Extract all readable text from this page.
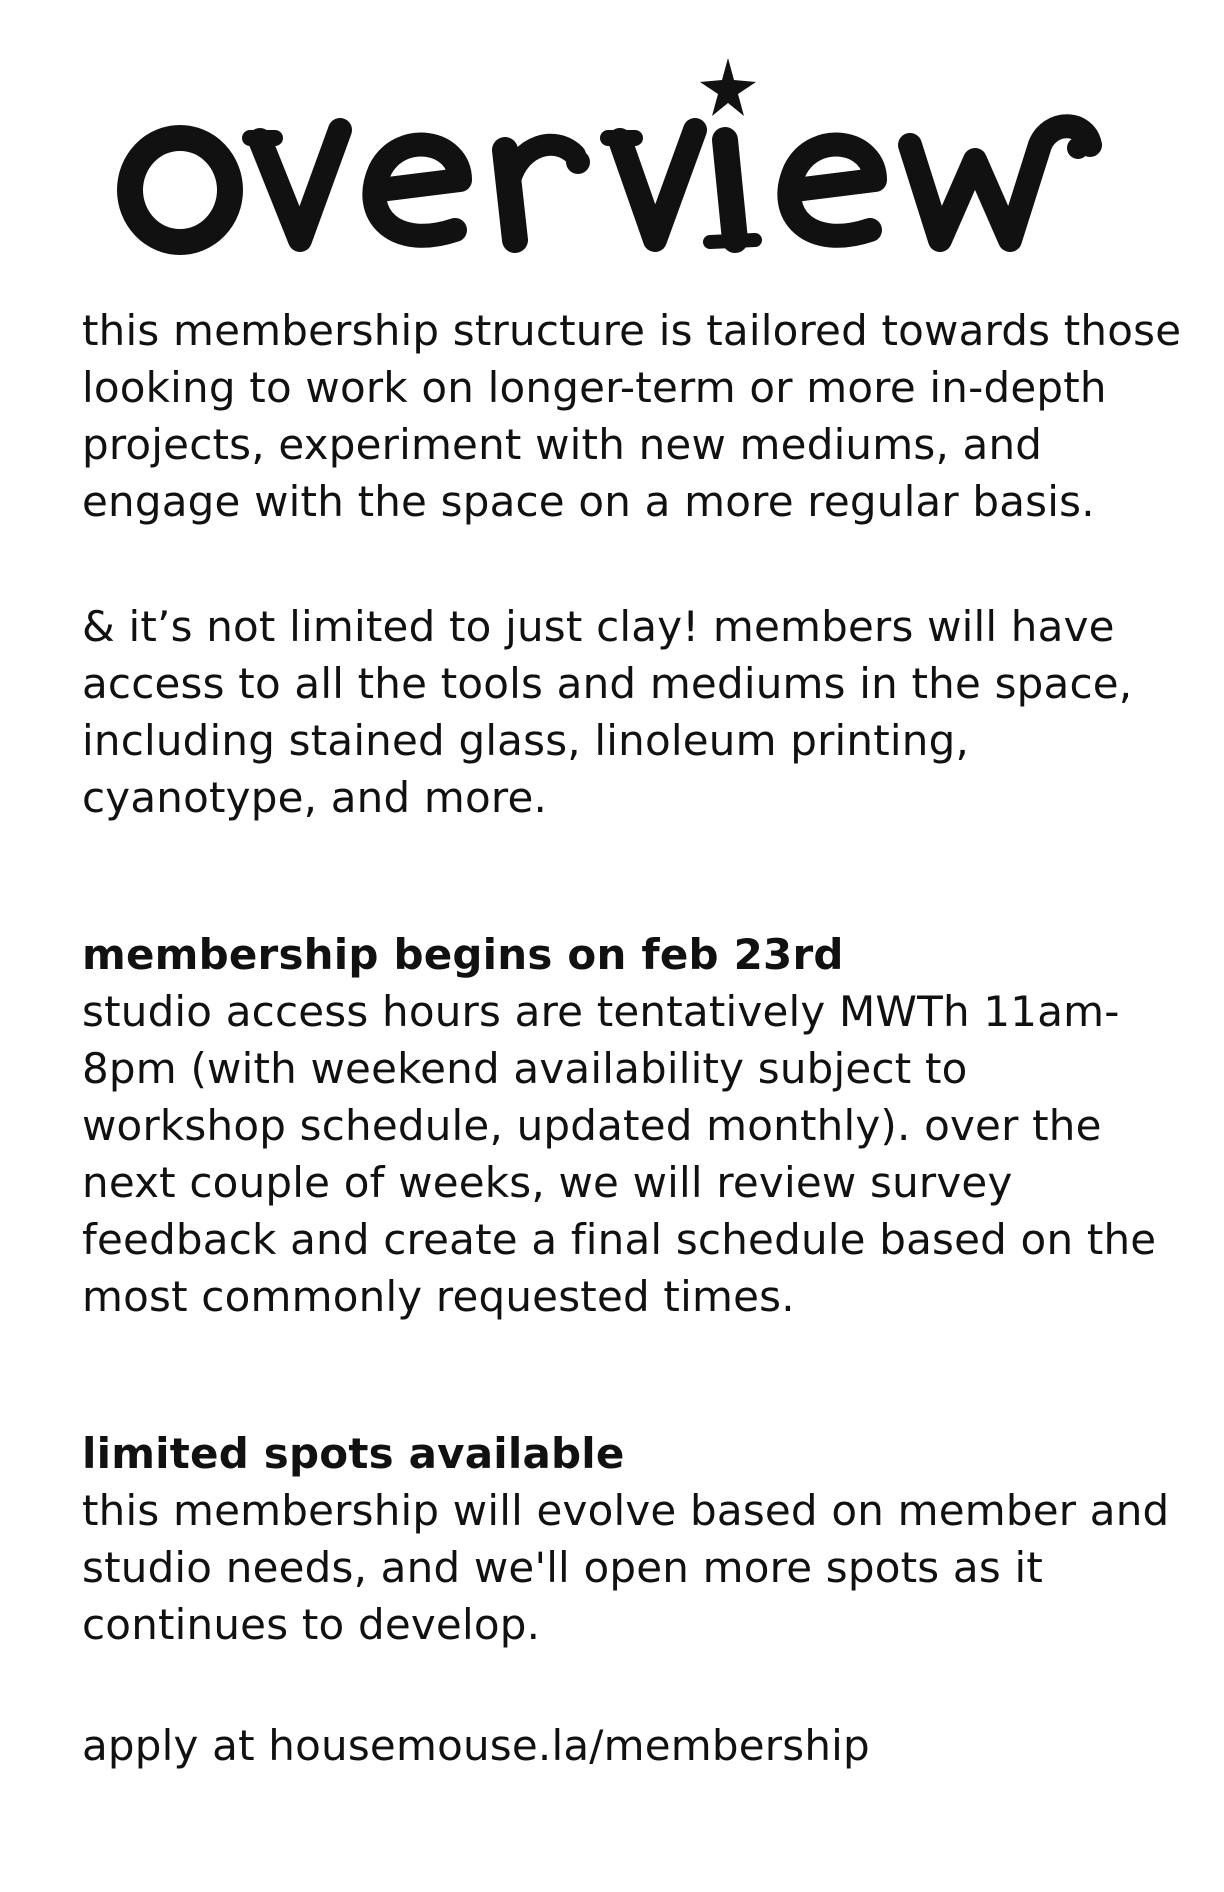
this membership structure is tailored towards those looking to work on longer-term or more in-depth projects, experiment with new mediums, and engage with the space on a more regular basis.

& it’s not limited to just clay! members will have access to all the tools and mediums in the space, including stained glass, linoleum printing, cyanotype, and more.

membership begins on feb 23rd

studio access hours are tentatively MWTh 11am-8pm (with weekend availability subject to workshop schedule, updated monthly). over the next couple of weeks, we will review survey feedback and create a final schedule based on the most commonly requested times.

limited spots available

this membership will evolve based on member and studio needs, and we'll open more spots as it continues to develop.

apply at housemouse.la/membership
